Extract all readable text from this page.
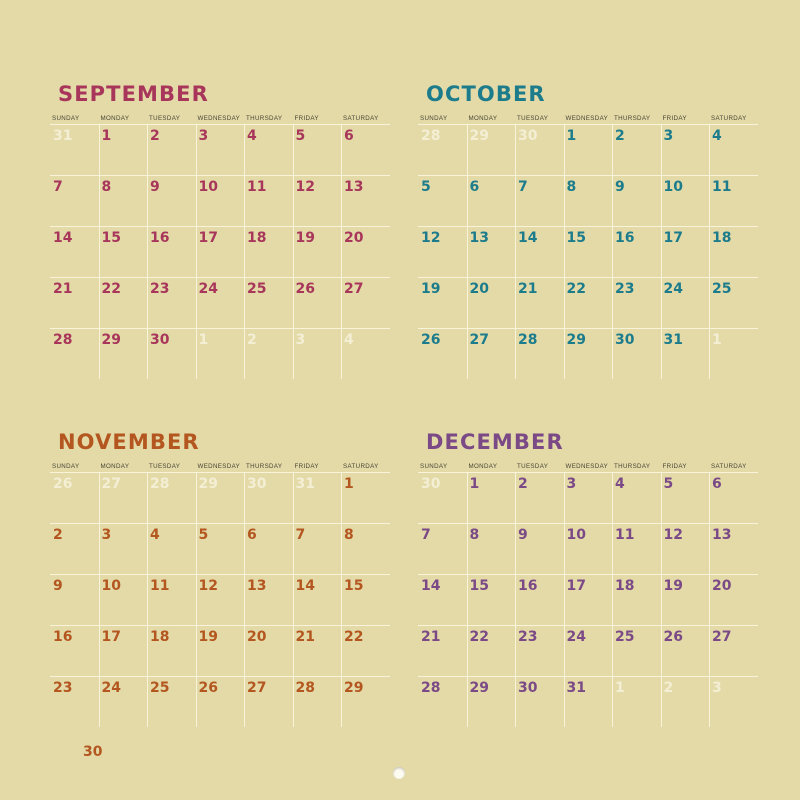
SEPTEMBER
SUNDAY	MONDAY	TUESDAY	WEDNESDAY THURSDAY	FRIDAY	SATURDAY
31	1	2	3	4	5	6
7	8	9	10	11	12	13
14	15	16	17	18	19	20
21	22	23	24	25	26	27
28	29	30	1	2	3	4
OCTOBER
SUNDAY	MONDAY	TUESDAY	WEDNESDAY THURSDAY	FRIDAY	SATURDAY
28	29	30	1	2	3	4
5	6	7	8	9	10	11
12	13	14	15	16	17	18
19	20	21	22	23	24	25
26	27	28	29	30	31	1
NOVEMBER
SUNDAY	MONDAY	TUESDAY	WEDNESDAY THURSDAY	FRIDAY	SATURDAY
26	27	28	29	30	31	1
2	3	4	5	6	7	8
9	10	11	12	13	14	15
16	17	18	19	20	21	22
23	24	25	26	27	28	29
30
DECEMBER
SUNDAY	MONDAY	TUESDAY	WEDNESDAY THURSDAY	FRIDAY	SATURDAY
30	1	2	3	4	5	6
7	8	9	10	11	12	13
14	15	16	17	18	19	20
21	22	23	24	25	26	27
28	29	30	31	1	2	3
